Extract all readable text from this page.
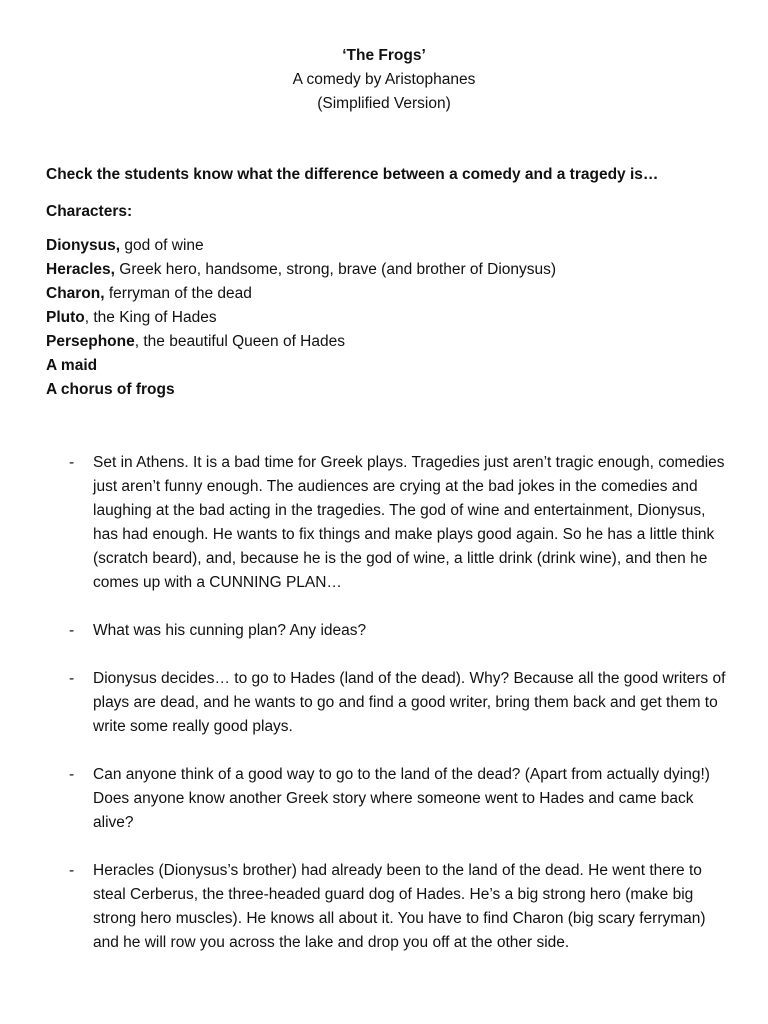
‘The Frogs’
A comedy by Aristophanes
(Simplified Version)
Check the students know what the difference between a comedy and a tragedy is…
Characters:
Dionysus, god of wine
Heracles, Greek hero, handsome, strong, brave (and brother of Dionysus)
Charon, ferryman of the dead
Pluto, the King of Hades
Persephone, the beautiful Queen of Hades
A maid
A chorus of frogs
- Set in Athens. It is a bad time for Greek plays. Tragedies just aren’t tragic enough, comedies just aren’t funny enough. The audiences are crying at the bad jokes in the comedies and laughing at the bad acting in the tragedies. The god of wine and entertainment, Dionysus, has had enough. He wants to fix things and make plays good again. So he has a little think (scratch beard), and, because he is the god of wine, a little drink (drink wine), and then he comes up with a CUNNING PLAN…
- What was his cunning plan? Any ideas?
- Dionysus decides… to go to Hades (land of the dead). Why? Because all the good writers of plays are dead, and he wants to go and find a good writer, bring them back and get them to write some really good plays.
- Can anyone think of a good way to go to the land of the dead? (Apart from actually dying!) Does anyone know another Greek story where someone went to Hades and came back alive?
- Heracles (Dionysus’s brother) had already been to the land of the dead. He went there to steal Cerberus, the three-headed guard dog of Hades. He’s a big strong hero (make big strong hero muscles). He knows all about it. You have to find Charon (big scary ferryman) and he will row you across the lake and drop you off at the other side.
